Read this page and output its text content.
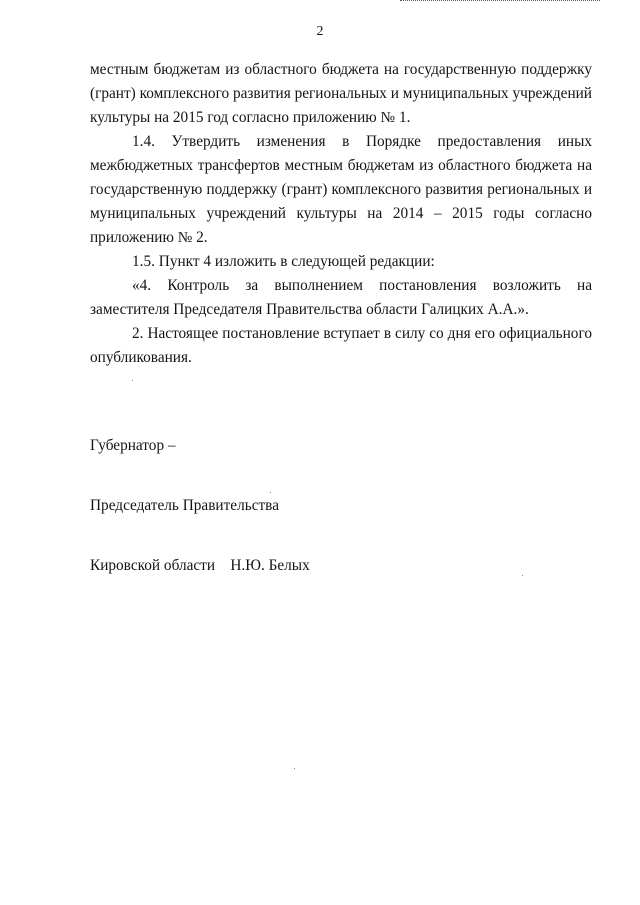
2

местным бюджетам из областного бюджета на государственную поддержку (грант) комплексного развития региональных и муниципальных учреждений культуры на 2015 год согласно приложению № 1.

1.4. Утвердить изменения в Порядке предоставления иных межбюджетных трансфертов местным бюджетам из областного бюджета на государственную поддержку (грант) комплексного развития региональных и муниципальных учреждений культуры на 2014 – 2015 годы согласно приложению № 2.

1.5. Пункт 4 изложить в следующей редакции:

«4. Контроль за выполнением постановления возложить на заместителя Председателя Правительства области Галицких А.А.».

2. Настоящее постановление вступает в силу со дня его официального опубликования.

Губернатор –

Председатель Правительства

Кировской области    Н.Ю. Белых
